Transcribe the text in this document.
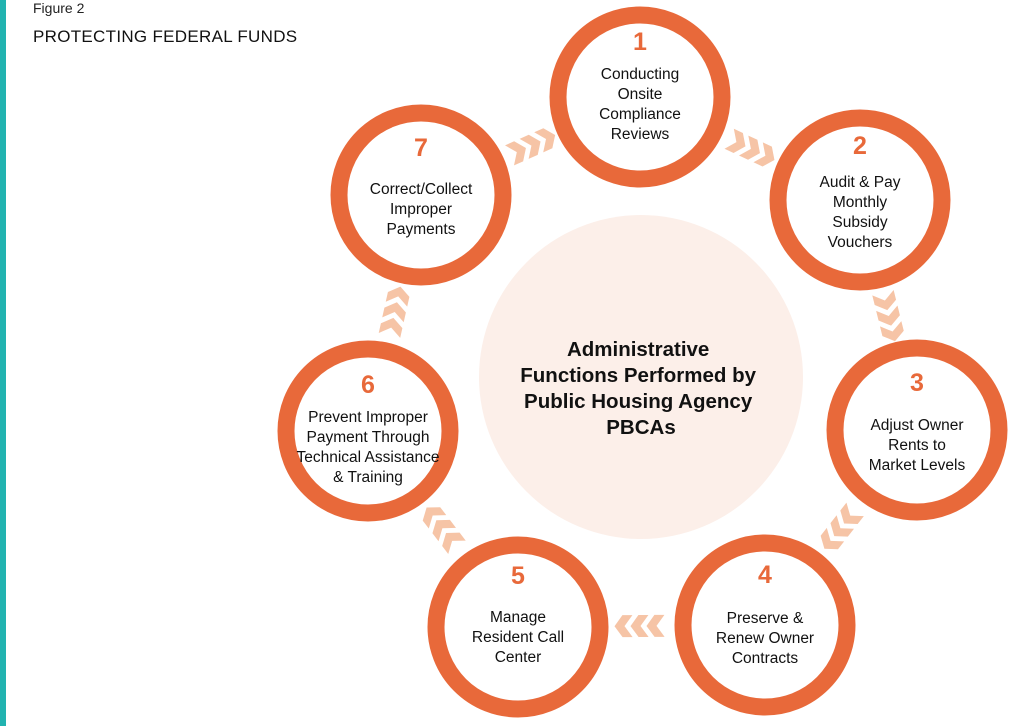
Figure 2
PROTECTING FEDERAL FUNDS
Administrative Functions Performed by Public Housing Agency PBCAs
1
Conducting Onsite Compliance Reviews	2
Audit & Pay Monthly Subsidy Vouchers
3
Adjust Owner Rents to Market Levels
4
Preserve & Renew Owner Contracts
5
Manage Resident Call Center
6
Prevent Improper Payment Through Technical Assistance & Training
7
Correct/Collect Improper Payments
